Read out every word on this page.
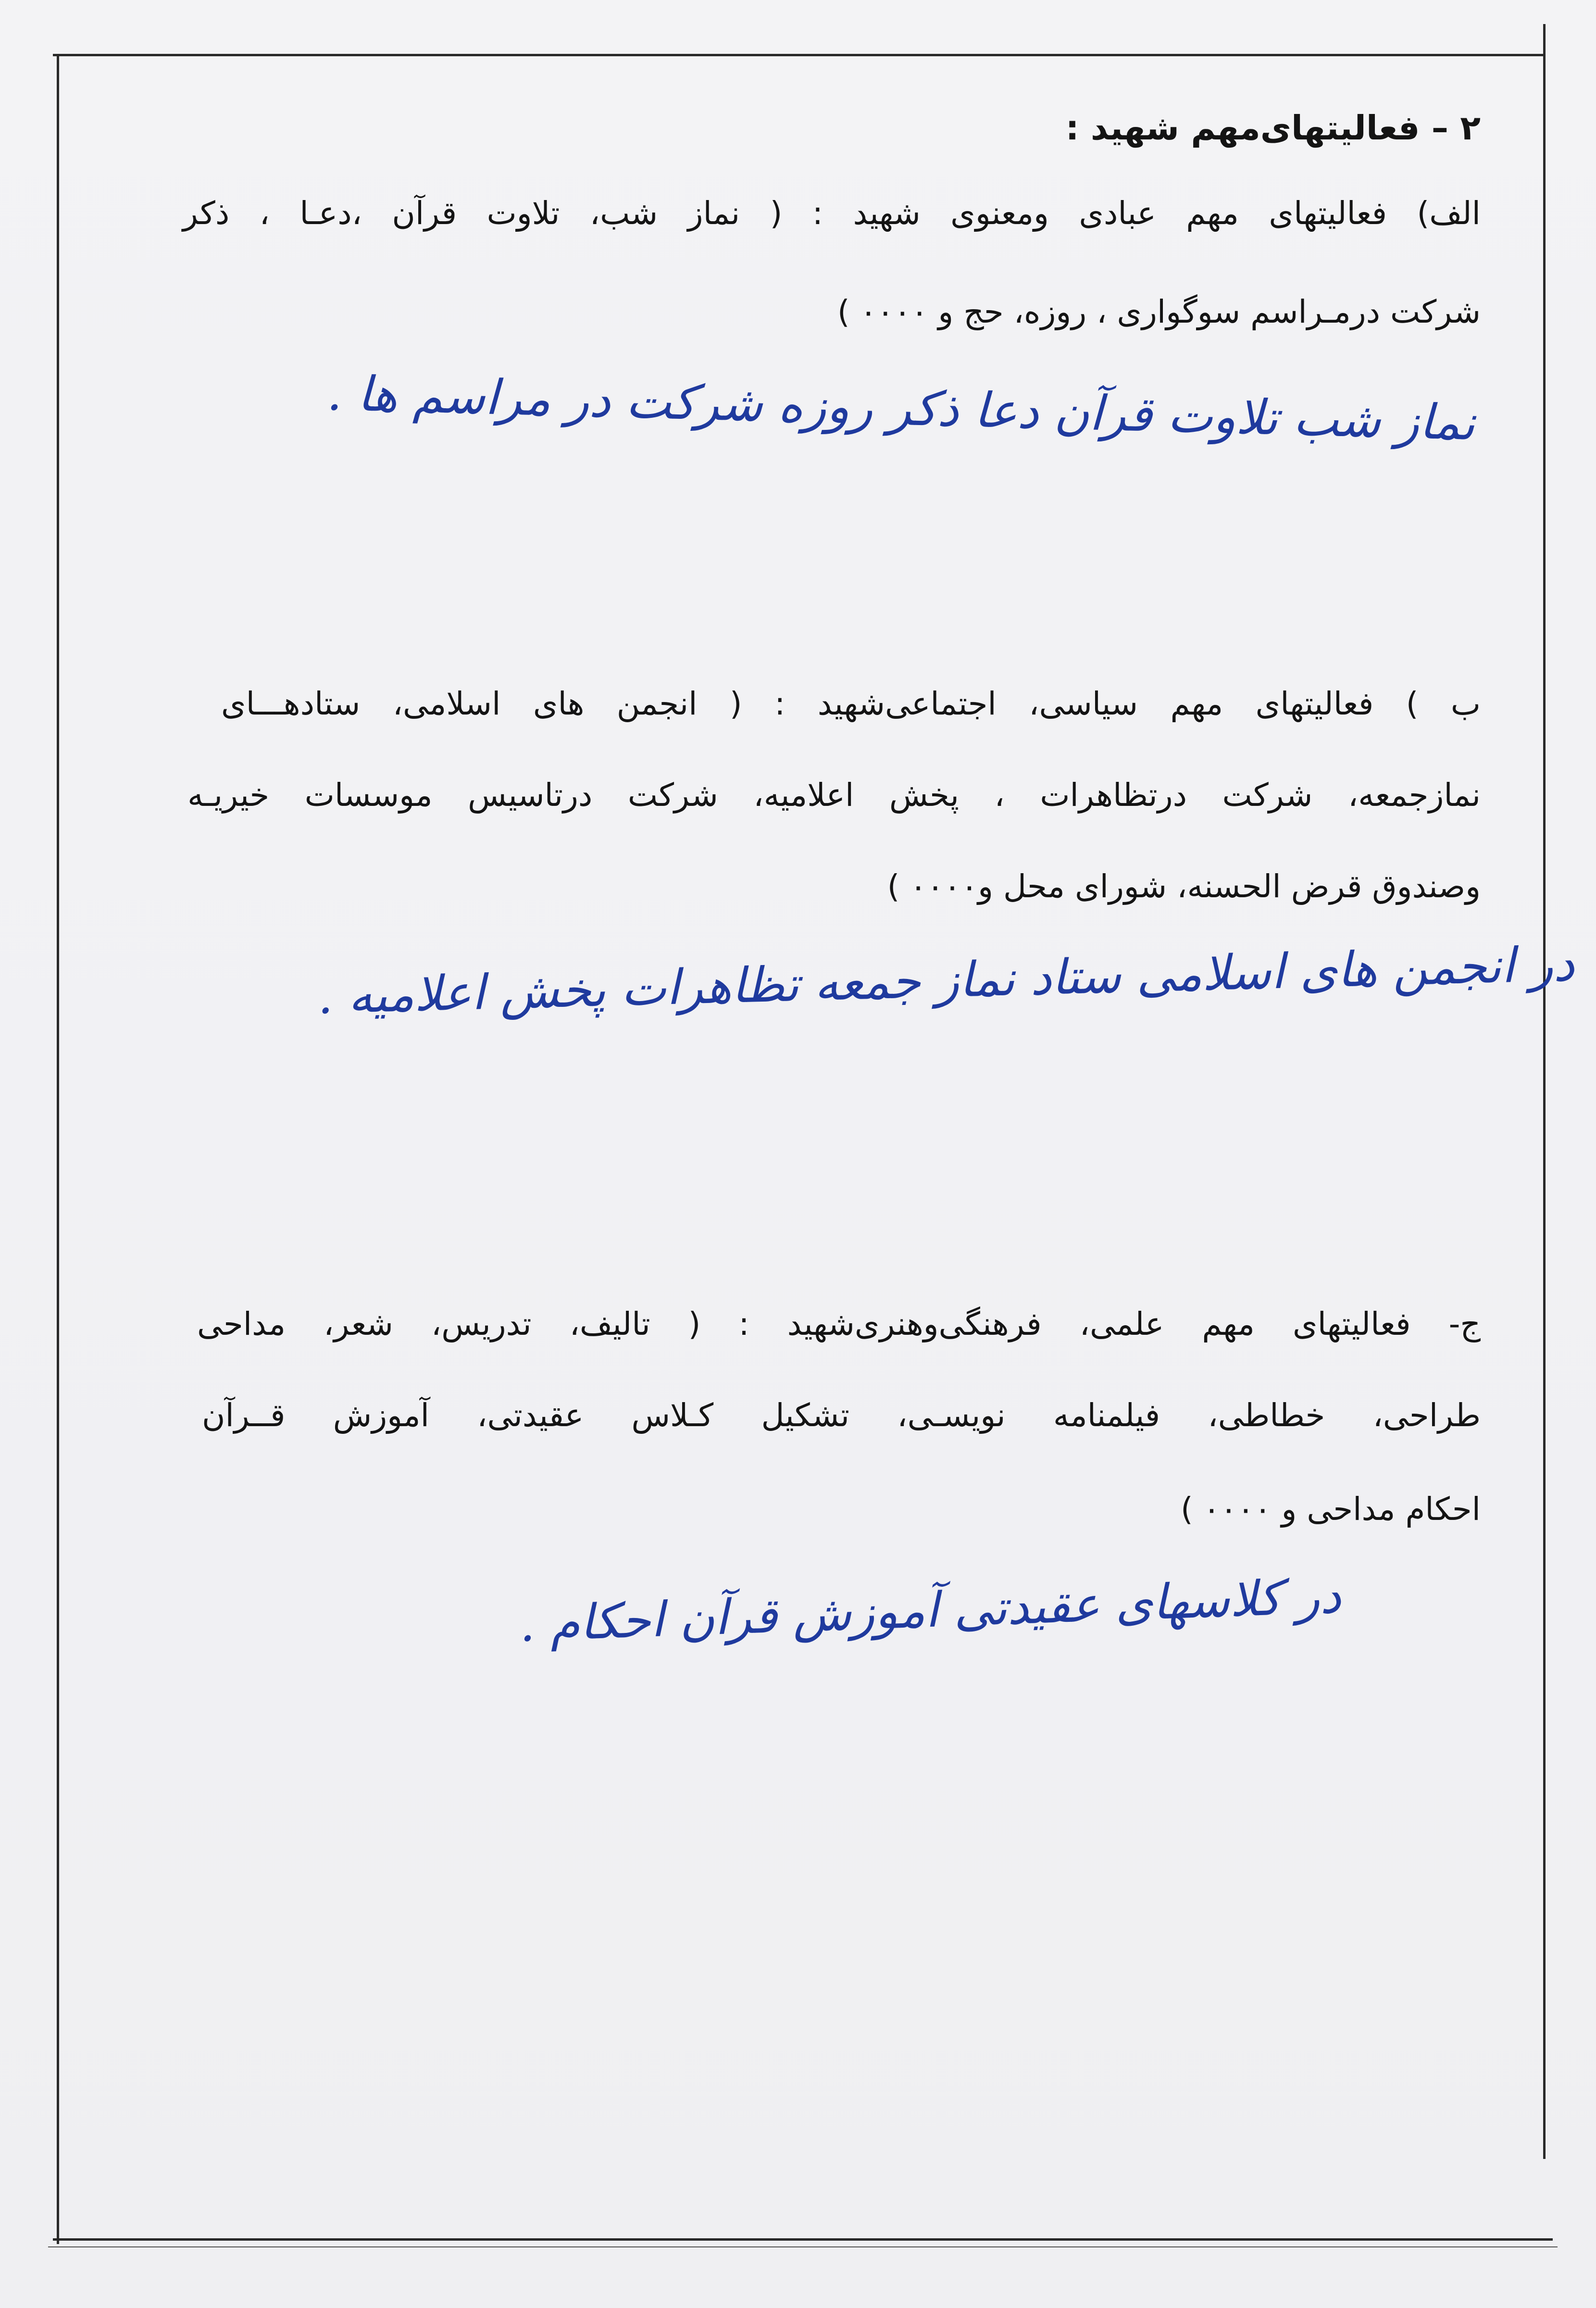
۲ – فعالیتهای‌مهم شهید :
الف) فعالیتهای مهم عبادی ومعنوی شهید : ( نماز شب، تلاوت قرآن ،دعـا ، ذکر
شرکت درمـراسم سوگواری ، روزه، حج و ۰۰۰۰ )
نماز شب تلاوت قرآن دعا ذکر روزه شرکت در مراسم ها .
ب ) فعالیتهای مهم سیاسی، اجتماعی‌شهید : ( انجمن های اسلامی، ستادهـــای
نمازجمعه، شرکت درتظاهرات ، پخش اعلامیه، شرکت درتاسیس موسسات خیریـه
وصندوق قرض الحسنه، شورای محل و۰۰۰۰ )
در انجمن های اسلامی ستاد نماز جمعه تظاهرات پخش اعلامیه .
ج- فعالیتهای مهم علمی، فرهنگی‌وهنری‌شهید : ( تالیف، تدریس، شعر، مداحی
طراحی، خطاطی، فیلمنامه نویسـی، تشکیل کـلاس عقیدتی، آموزش قــرآن
احکام مداحی و ۰۰۰۰ )
در کلاسهای عقیدتی آموزش قرآن احکام .
